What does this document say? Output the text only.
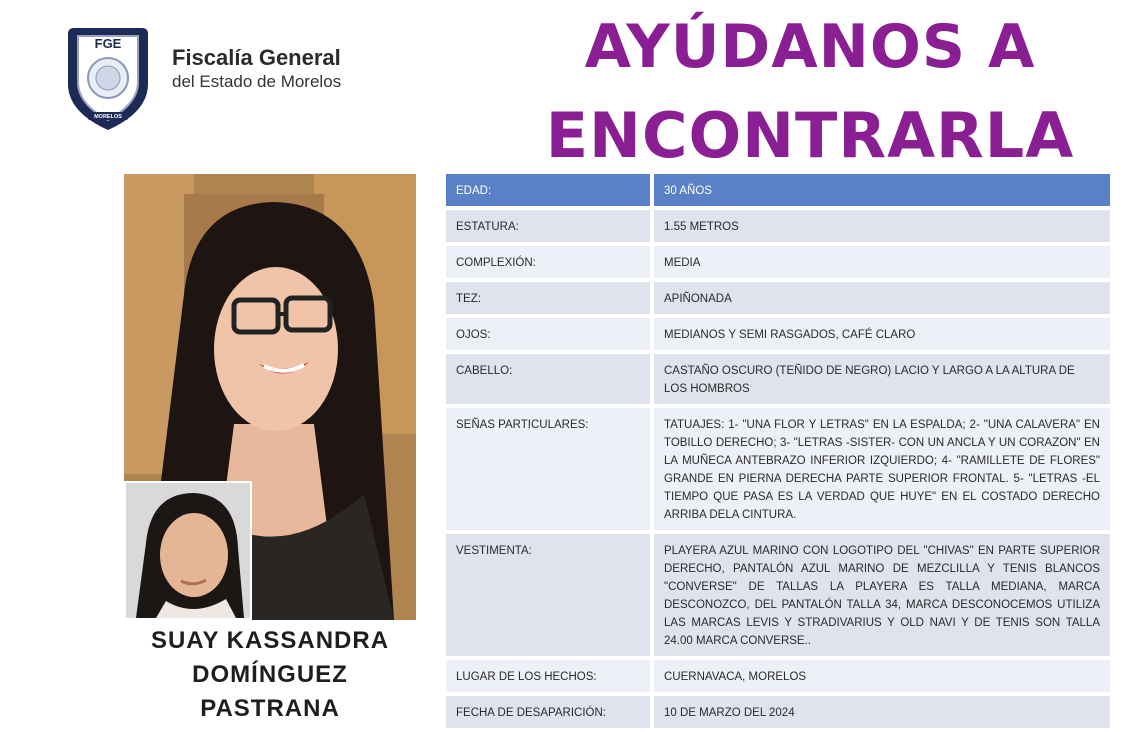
FGE
MORELOS
Fiscalía General
del Estado de Morelos	AYÚDANOS A
ENCONTRARLA
SUAY KASSANDRA
DOMÍNGUEZ
PASTRANA
EDAD:	30 AÑOS
ESTATURA:	1.55 METROS
COMPLEXIÓN:	MEDIA
TEZ:	APIÑONADA
OJOS:	MEDIANOS Y SEMI RASGADOS, CAFÉ CLARO
CABELLO:	CASTAÑO OSCURO (TEÑIDO DE NEGRO) LACIO Y LARGO A LA ALTURA DE LOS HOMBROS
SEÑAS PARTICULARES:	TATUAJES: 1- "UNA FLOR Y LETRAS" EN LA ESPALDA; 2- "UNA CALAVERA" EN TOBILLO DERECHO; 3- "LETRAS -SISTER- CON UN ANCLA Y UN CORAZON" EN LA MUÑECA ANTEBRAZO INFERIOR IZQUIERDO; 4- "RAMILLETE DE FLORES" GRANDE EN PIERNA DERECHA PARTE SUPERIOR FRONTAL. 5- "LETRAS -EL TIEMPO QUE PASA ES LA VERDAD QUE HUYE" EN EL COSTADO DERECHO ARRIBA DELA CINTURA.
VESTIMENTA:	PLAYERA AZUL MARINO CON LOGOTIPO DEL "CHIVAS" EN PARTE SUPERIOR DERECHO, PANTALÓN AZUL MARINO DE MEZCLILLA Y TENIS BLANCOS "CONVERSE" DE TALLAS LA PLAYERA ES TALLA MEDIANA, MARCA DESCONOZCO, DEL PANTALÓN TALLA 34, MARCA DESCONOCEMOS UTILIZA LAS MARCAS LEVIS Y STRADIVARIUS Y OLD NAVI Y DE TENIS SON TALLA 24.00 MARCA CONVERSE..
LUGAR DE LOS HECHOS:	CUERNAVACA, MORELOS
FECHA DE DESAPARICIÓN:	10 DE MARZO DEL 2024
